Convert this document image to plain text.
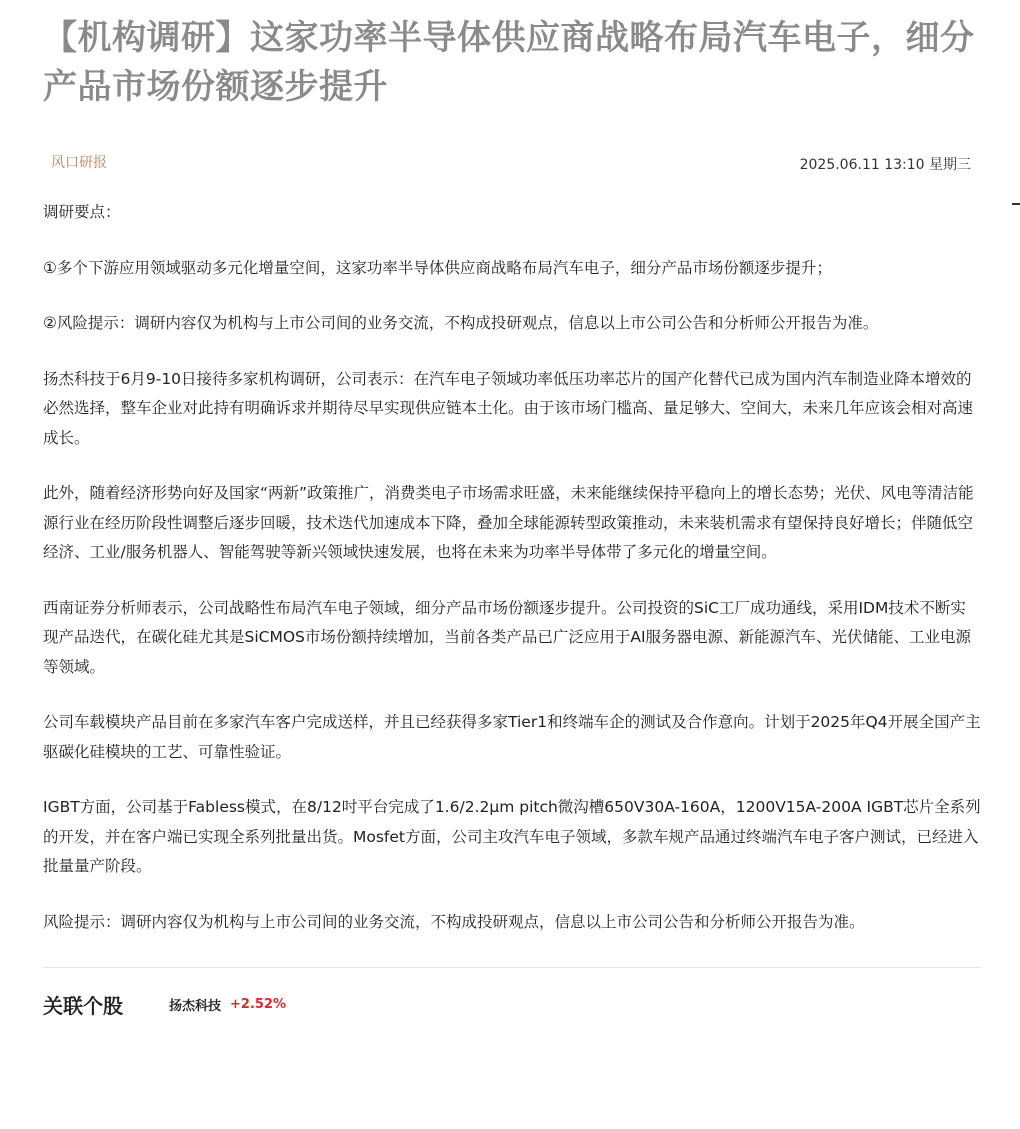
【机构调研】这家功率半导体供应商战略布局汽车电子，细分产品市场份额逐步提升
风口研报	2025.06.11 13:10 星期三

调研要点：

①多个下游应用领域驱动多元化增量空间，这家功率半导体供应商战略布局汽车电子，细分产品市场份额逐步提升；

②风险提示：调研内容仅为机构与上市公司间的业务交流，不构成投研观点，信息以上市公司公告和分析师公开报告为准。

扬杰科技于6月9-10日接待多家机构调研，公司表示：在汽车电子领域功率低压功率芯片的国产化替代已成为国内汽车制造业降本增效的必然选择，整车企业对此持有明确诉求并期待尽早实现供应链本土化。由于该市场门槛高、量足够大、空间大，未来几年应该会相对高速成长。

此外，随着经济形势向好及国家“两新”政策推广，消费类电子市场需求旺盛，未来能继续保持平稳向上的增长态势；光伏、风电等清洁能源行业在经历阶段性调整后逐步回暖，技术迭代加速成本下降，叠加全球能源转型政策推动，未来装机需求有望保持良好增长；伴随低空经济、工业/服务机器人、智能驾驶等新兴领域快速发展，也将在未来为功率半导体带了多元化的增量空间。

西南证券分析师表示，公司战略性布局汽车电子领域，细分产品市场份额逐步提升。公司投资的SiC工厂成功通线，采用IDM技术不断实现产品迭代，在碳化硅尤其是SiCMOS市场份额持续增加，当前各类产品已广泛应用于AI服务器电源、新能源汽车、光伏储能、工业电源等领域。

公司车载模块产品目前在多家汽车客户完成送样，并且已经获得多家Tier1和终端车企的测试及合作意向。计划于2025年Q4开展全国产主驱碳化硅模块的工艺、可靠性验证。

IGBT方面，公司基于Fabless模式，在8/12吋平台完成了1.6/2.2μm pitch微沟槽650V30A-160A，1200V15A-200A IGBT芯片全系列的开发，并在客户端已实现全系列批量出货。Mosfet方面，公司主攻汽车电子领域，多款车规产品通过终端汽车电子客户测试，已经进入批量量产阶段。

风险提示：调研内容仅为机构与上市公司间的业务交流，不构成投研观点，信息以上市公司公告和分析师公开报告为准。

关联个股	扬杰科技 +2.52%
